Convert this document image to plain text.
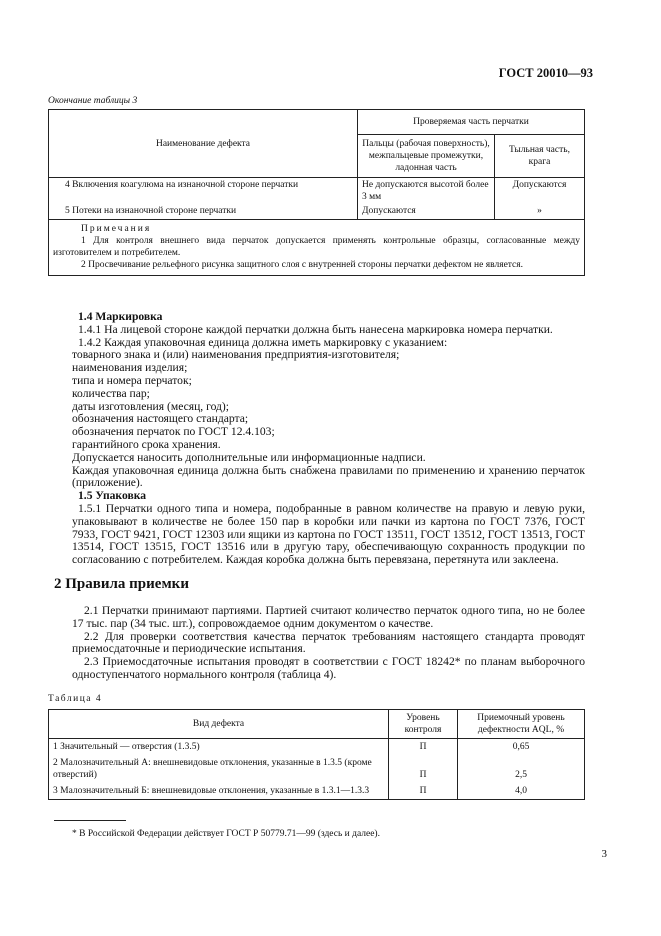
ГОСТ 20010—93
Окончание таблицы 3
Наименование дефекта	Проверяемая часть перчатки	
	Пальцы (рабочая поверхность), межпальцевые промежутки, ладонная часть	Тыльная часть, крага
4 Включения коагулюма на изнаночной стороне перчатки	Не допускаются высотой более 3 мм	Допускаются
5 Потеки на изнаночной стороне перчатки	Допускаются	»

Примечания

1 Для контроля внешнего вида перчаток допускается применять контрольные образцы, согласованные между изготовителем и потребителем.

2 Просвечивание рельефного рисунка защитного слоя с внутренней стороны перчатки дефектом не является.		

1.4 Маркировка

1.4.1 На лицевой стороне каждой перчатки должна быть нанесена маркировка номера перчатки.

1.4.2 Каждая упаковочная единица должна иметь маркировку с указанием:

товарного знака и (или) наименования предприятия-изготовителя;

наименования изделия;

типа и номера перчаток;

количества пар;

даты изготовления (месяц, год);

обозначения настоящего стандарта;

обозначения перчаток по ГОСТ 12.4.103;

гарантийного срока хранения.

Допускается наносить дополнительные или информационные надписи.

Каждая упаковочная единица должна быть снабжена правилами по применению и хранению перчаток (приложение).

1.5 Упаковка

1.5.1 Перчатки одного типа и номера, подобранные в равном количестве на правую и левую руки, упаковывают в количестве не более 150 пар в коробки или пачки из картона по ГОСТ 7376, ГОСТ 7933, ГОСТ 9421, ГОСТ 12303 или ящики из картона по ГОСТ 13511, ГОСТ 13512, ГОСТ 13513, ГОСТ 13514, ГОСТ 13515, ГОСТ 13516 или в другую тару, обеспечивающую сохранность продукции по согласованию с потребителем. Каждая коробка должна быть перевязана, перетянута или заклеена.

2 Правила приемки

2.1 Перчатки принимают партиями. Партией считают количество перчаток одного типа, но не более 17 тыс. пар (34 тыс. шт.), сопровождаемое одним документом о качестве.

2.2 Для проверки соответствия качества перчаток требованиям настоящего стандарта проводят приемосдаточные и периодические испытания.

2.3 Приемосдаточные испытания проводят в соответствии с ГОСТ 18242* по планам выборочного одноступенчатого нормального контроля (таблица 4).

Таблица 4
Вид дефекта	Уровень контроля	Приемочный уровень дефектности AQL, %
1 Значительный — отверстия (1.3.5)	П	0,65
2 Малозначительный А: внешневидовые отклонения, указанные в 1.3.5 (кроме отверстий)	П	2,5
3 Малозначительный Б: внешневидовые отклонения, указанные в 1.3.1—1.3.3	П	4,0
* В Российской Федерации действует ГОСТ Р 50779.71—99 (здесь и далее).
3
